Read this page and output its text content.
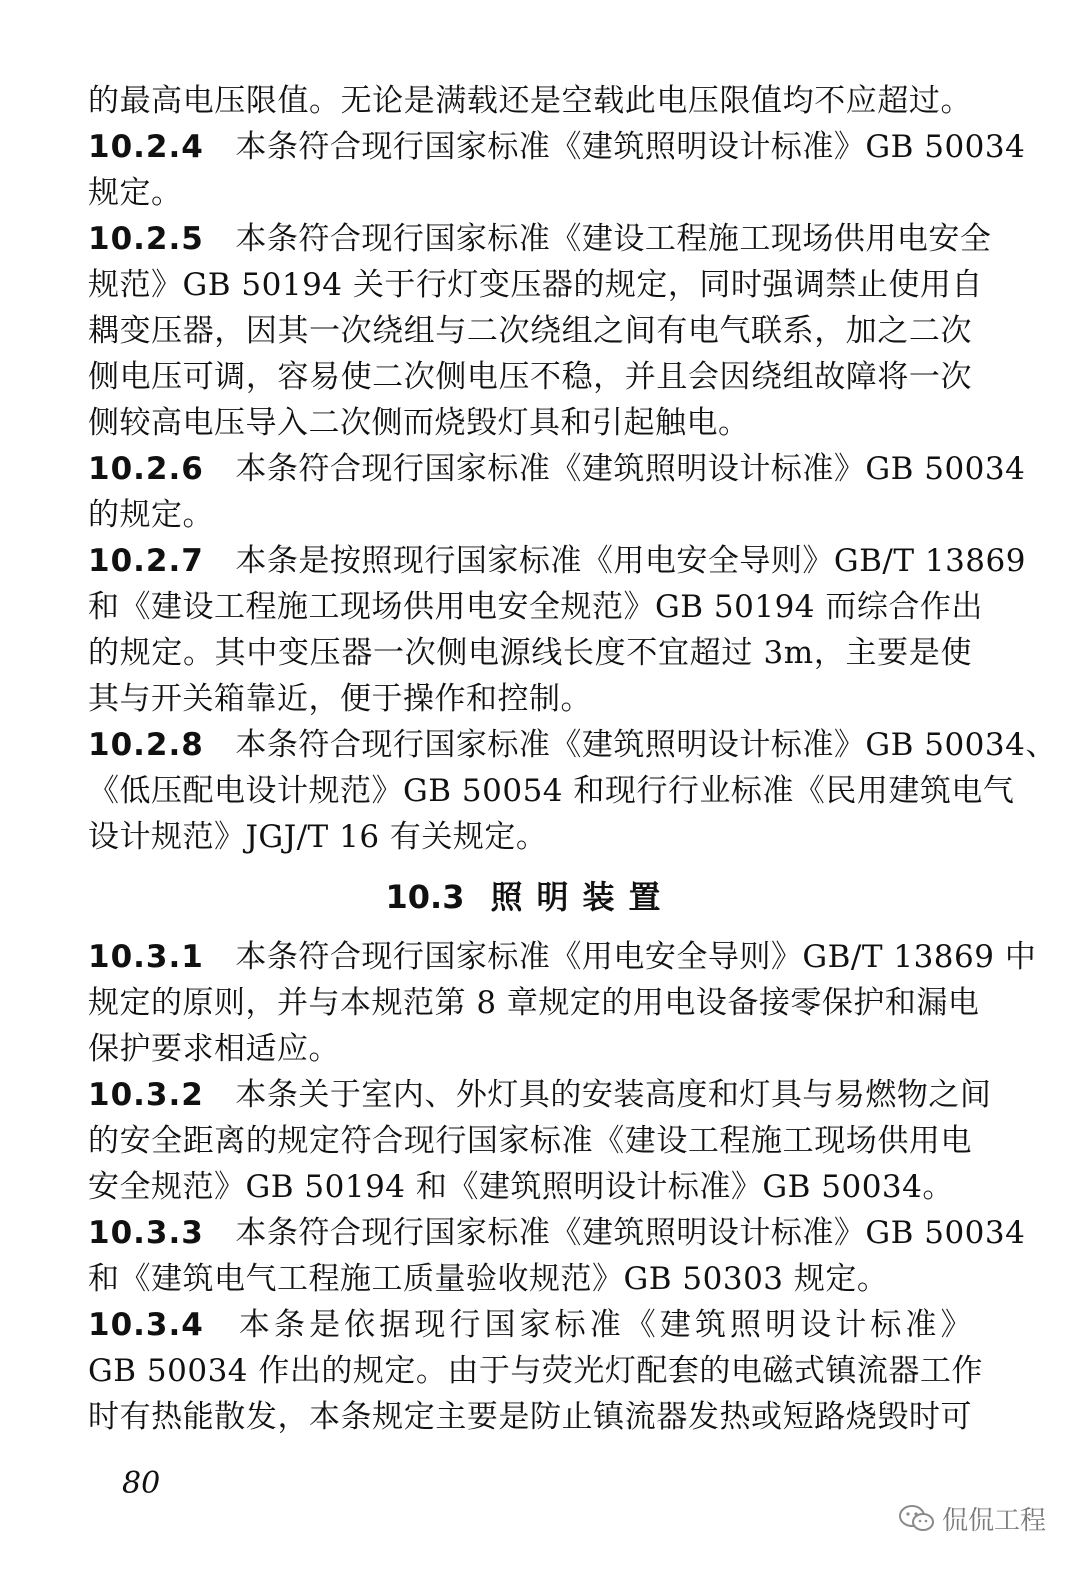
的最高电压限值。无论是满载还是空载此电压限值均不应超过。
10.2.4  本条符合现行国家标准《建筑照明设计标准》GB 50034
规定。
10.2.5  本条符合现行国家标准《建设工程施工现场供用电安全
规范》GB 50194 关于行灯变压器的规定，同时强调禁止使用自
耦变压器，因其一次绕组与二次绕组之间有电气联系，加之二次
侧电压可调，容易使二次侧电压不稳，并且会因绕组故障将一次
侧较高电压导入二次侧而烧毁灯具和引起触电。
10.2.6  本条符合现行国家标准《建筑照明设计标准》GB 50034
的规定。
10.2.7  本条是按照现行国家标准《用电安全导则》GB/T 13869
和《建设工程施工现场供用电安全规范》GB 50194 而综合作出
的规定。其中变压器一次侧电源线长度不宜超过 3m，主要是使
其与开关箱靠近，便于操作和控制。
10.2.8  本条符合现行国家标准《建筑照明设计标准》GB 50034、
《低压配电设计规范》GB 50054 和现行行业标准《民用建筑电气
设计规范》JGJ/T 16 有关规定。
10.3 照明装置
10.3.1  本条符合现行国家标准《用电安全导则》GB/T 13869 中
规定的原则，并与本规范第 8 章规定的用电设备接零保护和漏电
保护要求相适应。
10.3.2  本条关于室内、外灯具的安装高度和灯具与易燃物之间
的安全距离的规定符合现行国家标准《建设工程施工现场供用电
安全规范》GB 50194 和《建筑照明设计标准》GB 50034。
10.3.3  本条符合现行国家标准《建筑照明设计标准》GB 50034
和《建筑电气工程施工质量验收规范》GB 50303 规定。
10.3.4  本条是依据现行国家标准《建筑照明设计标准》
GB 50034 作出的规定。由于与荧光灯配套的电磁式镇流器工作
时有热能散发，本条规定主要是防止镇流器发热或短路烧毁时可
80
侃侃工程
